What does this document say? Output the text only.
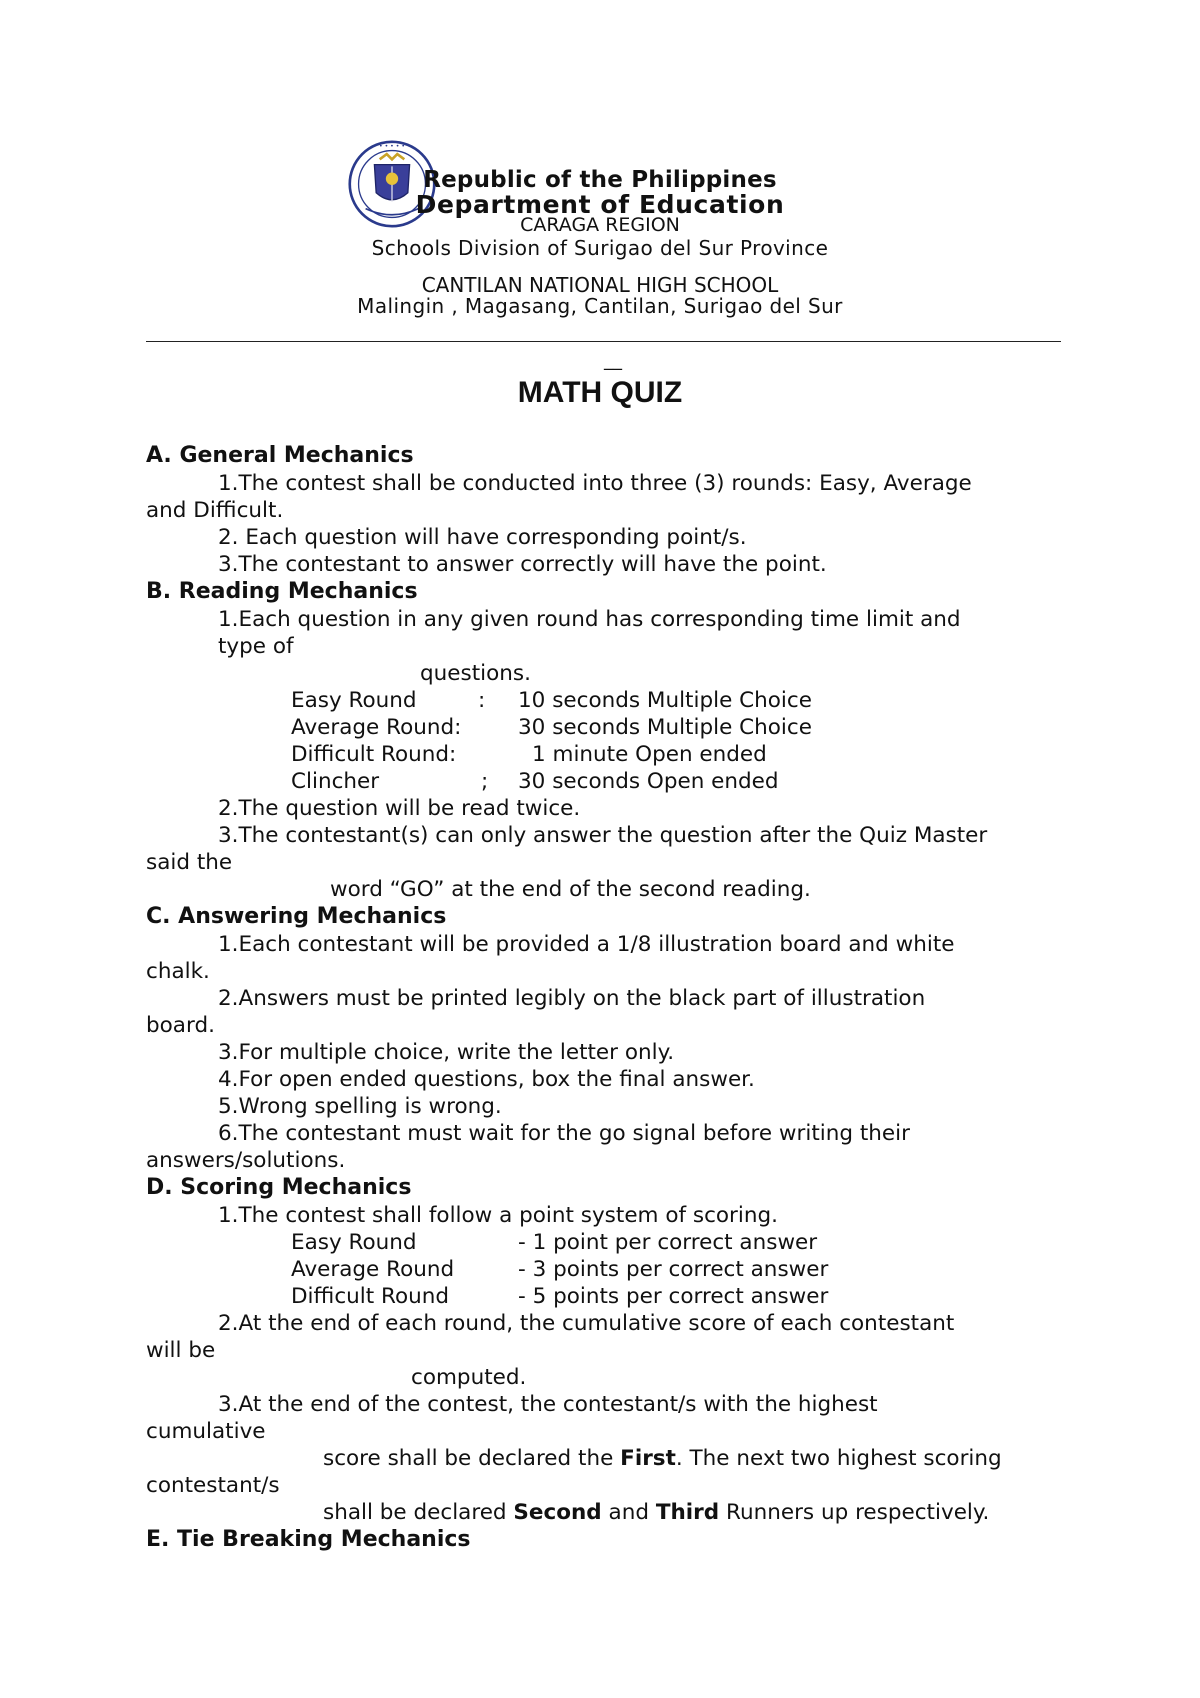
• • • • •
Republic of the Philippines
Department of Education
CARAGA REGION
Schools Division of Surigao del Sur Province
CANTILAN NATIONAL HIGH SCHOOL
Malingin , Magasang, Cantilan, Surigao del Sur
__
MATH QUIZ
A. General Mechanics
1.The contest shall be conducted into three (3) rounds: Easy, Average
and Difficult.
2. Each question will have corresponding point/s.
3.The contestant to answer correctly will have the point.
B. Reading Mechanics
1.Each question in any given round has corresponding time limit and
type of
questions.
Easy Round	: 10 seconds Multiple Choice
Average Round:	30 seconds Multiple Choice
Difficult Round:	1 minute Open ended
Clincher	; 30 seconds Open ended
2.The question will be read twice.
3.The contestant(s) can only answer the question after the Quiz Master
said the
word “GO” at the end of the second reading.
C. Answering Mechanics
1.Each contestant will be provided a 1/8 illustration board and white
chalk.
2.Answers must be printed legibly on the black part of illustration
board.
3.For multiple choice, write the letter only.
4.For open ended questions, box the final answer.
5.Wrong spelling is wrong.
6.The contestant must wait for the go signal before writing their
answers/solutions.
D. Scoring Mechanics
1.The contest shall follow a point system of scoring.
Easy Round	- 1 point per correct answer
Average Round	- 3 points per correct answer
Difficult Round	- 5 points per correct answer
2.At the end of each round, the cumulative score of each contestant
will be
computed.
3.At the end of the contest, the contestant/s with the highest
cumulative
score shall be declared the First. The next two highest scoring
contestant/s
shall be declared Second and Third Runners up respectively.
E. Tie Breaking Mechanics
